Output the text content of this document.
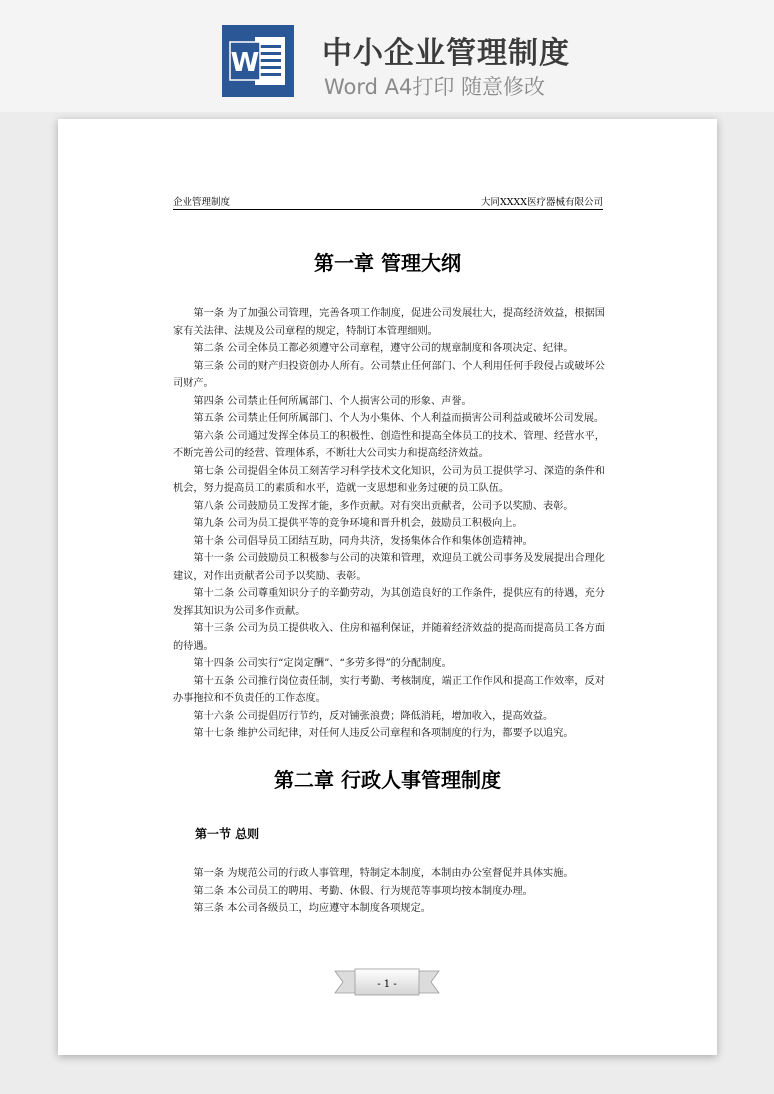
W 中小企业管理制度
Word A4打印 随意修改
企业管理制度	大同XXXX医疗器械有限公司
第一章 管理大纲

第一条 为了加强公司管理，完善各项工作制度，促进公司发展壮大，提高经济效益，根据国家有关法律、法规及公司章程的规定，特制订本管理细则。

第二条 公司全体员工都必须遵守公司章程，遵守公司的规章制度和各项决定、纪律。

第三条 公司的财产归投资创办人所有。公司禁止任何部门、个人利用任何手段侵占或破坏公司财产。

第四条 公司禁止任何所属部门、个人损害公司的形象、声誉。

第五条 公司禁止任何所属部门、个人为小集体、个人利益而损害公司利益或破坏公司发展。

第六条 公司通过发挥全体员工的积极性、创造性和提高全体员工的技术、管理、经营水平，不断完善公司的经营、管理体系，不断壮大公司实力和提高经济效益。

第七条 公司提倡全体员工刻苦学习科学技术文化知识，公司为员工提供学习、深造的条件和机会，努力提高员工的素质和水平，造就一支思想和业务过硬的员工队伍。

第八条 公司鼓励员工发挥才能，多作贡献。对有突出贡献者，公司予以奖励、表彰。

第九条 公司为员工提供平等的竞争环境和晋升机会，鼓励员工积极向上。

第十条 公司倡导员工团结互助，同舟共济，发扬集体合作和集体创造精神。

第十一条 公司鼓励员工积极参与公司的决策和管理，欢迎员工就公司事务及发展提出合理化建议，对作出贡献者公司予以奖励、表彰。

第十二条 公司尊重知识分子的辛勤劳动，为其创造良好的工作条件，提供应有的待遇，充分发挥其知识为公司多作贡献。

第十三条 公司为员工提供收入、住房和福利保证，并随着经济效益的提高而提高员工各方面的待遇。

第十四条 公司实行“定岗定酬”、“多劳多得”的分配制度。

第十五条 公司推行岗位责任制，实行考勤、考核制度，端正工作作风和提高工作效率，反对办事拖拉和不负责任的工作态度。

第十六条 公司提倡厉行节约，反对铺张浪费；降低消耗，增加收入，提高效益。

第十七条 维护公司纪律，对任何人违反公司章程和各项制度的行为，都要予以追究。

第二章 行政人事管理制度
第一节 总则

第一条 为规范公司的行政人事管理，特制定本制度，本制由办公室督促并具体实施。

第二条 本公司员工的聘用、考勤、休假、行为规范等事项均按本制度办理。

第三条 本公司各级员工，均应遵守本制度各项规定。

- 1 -
